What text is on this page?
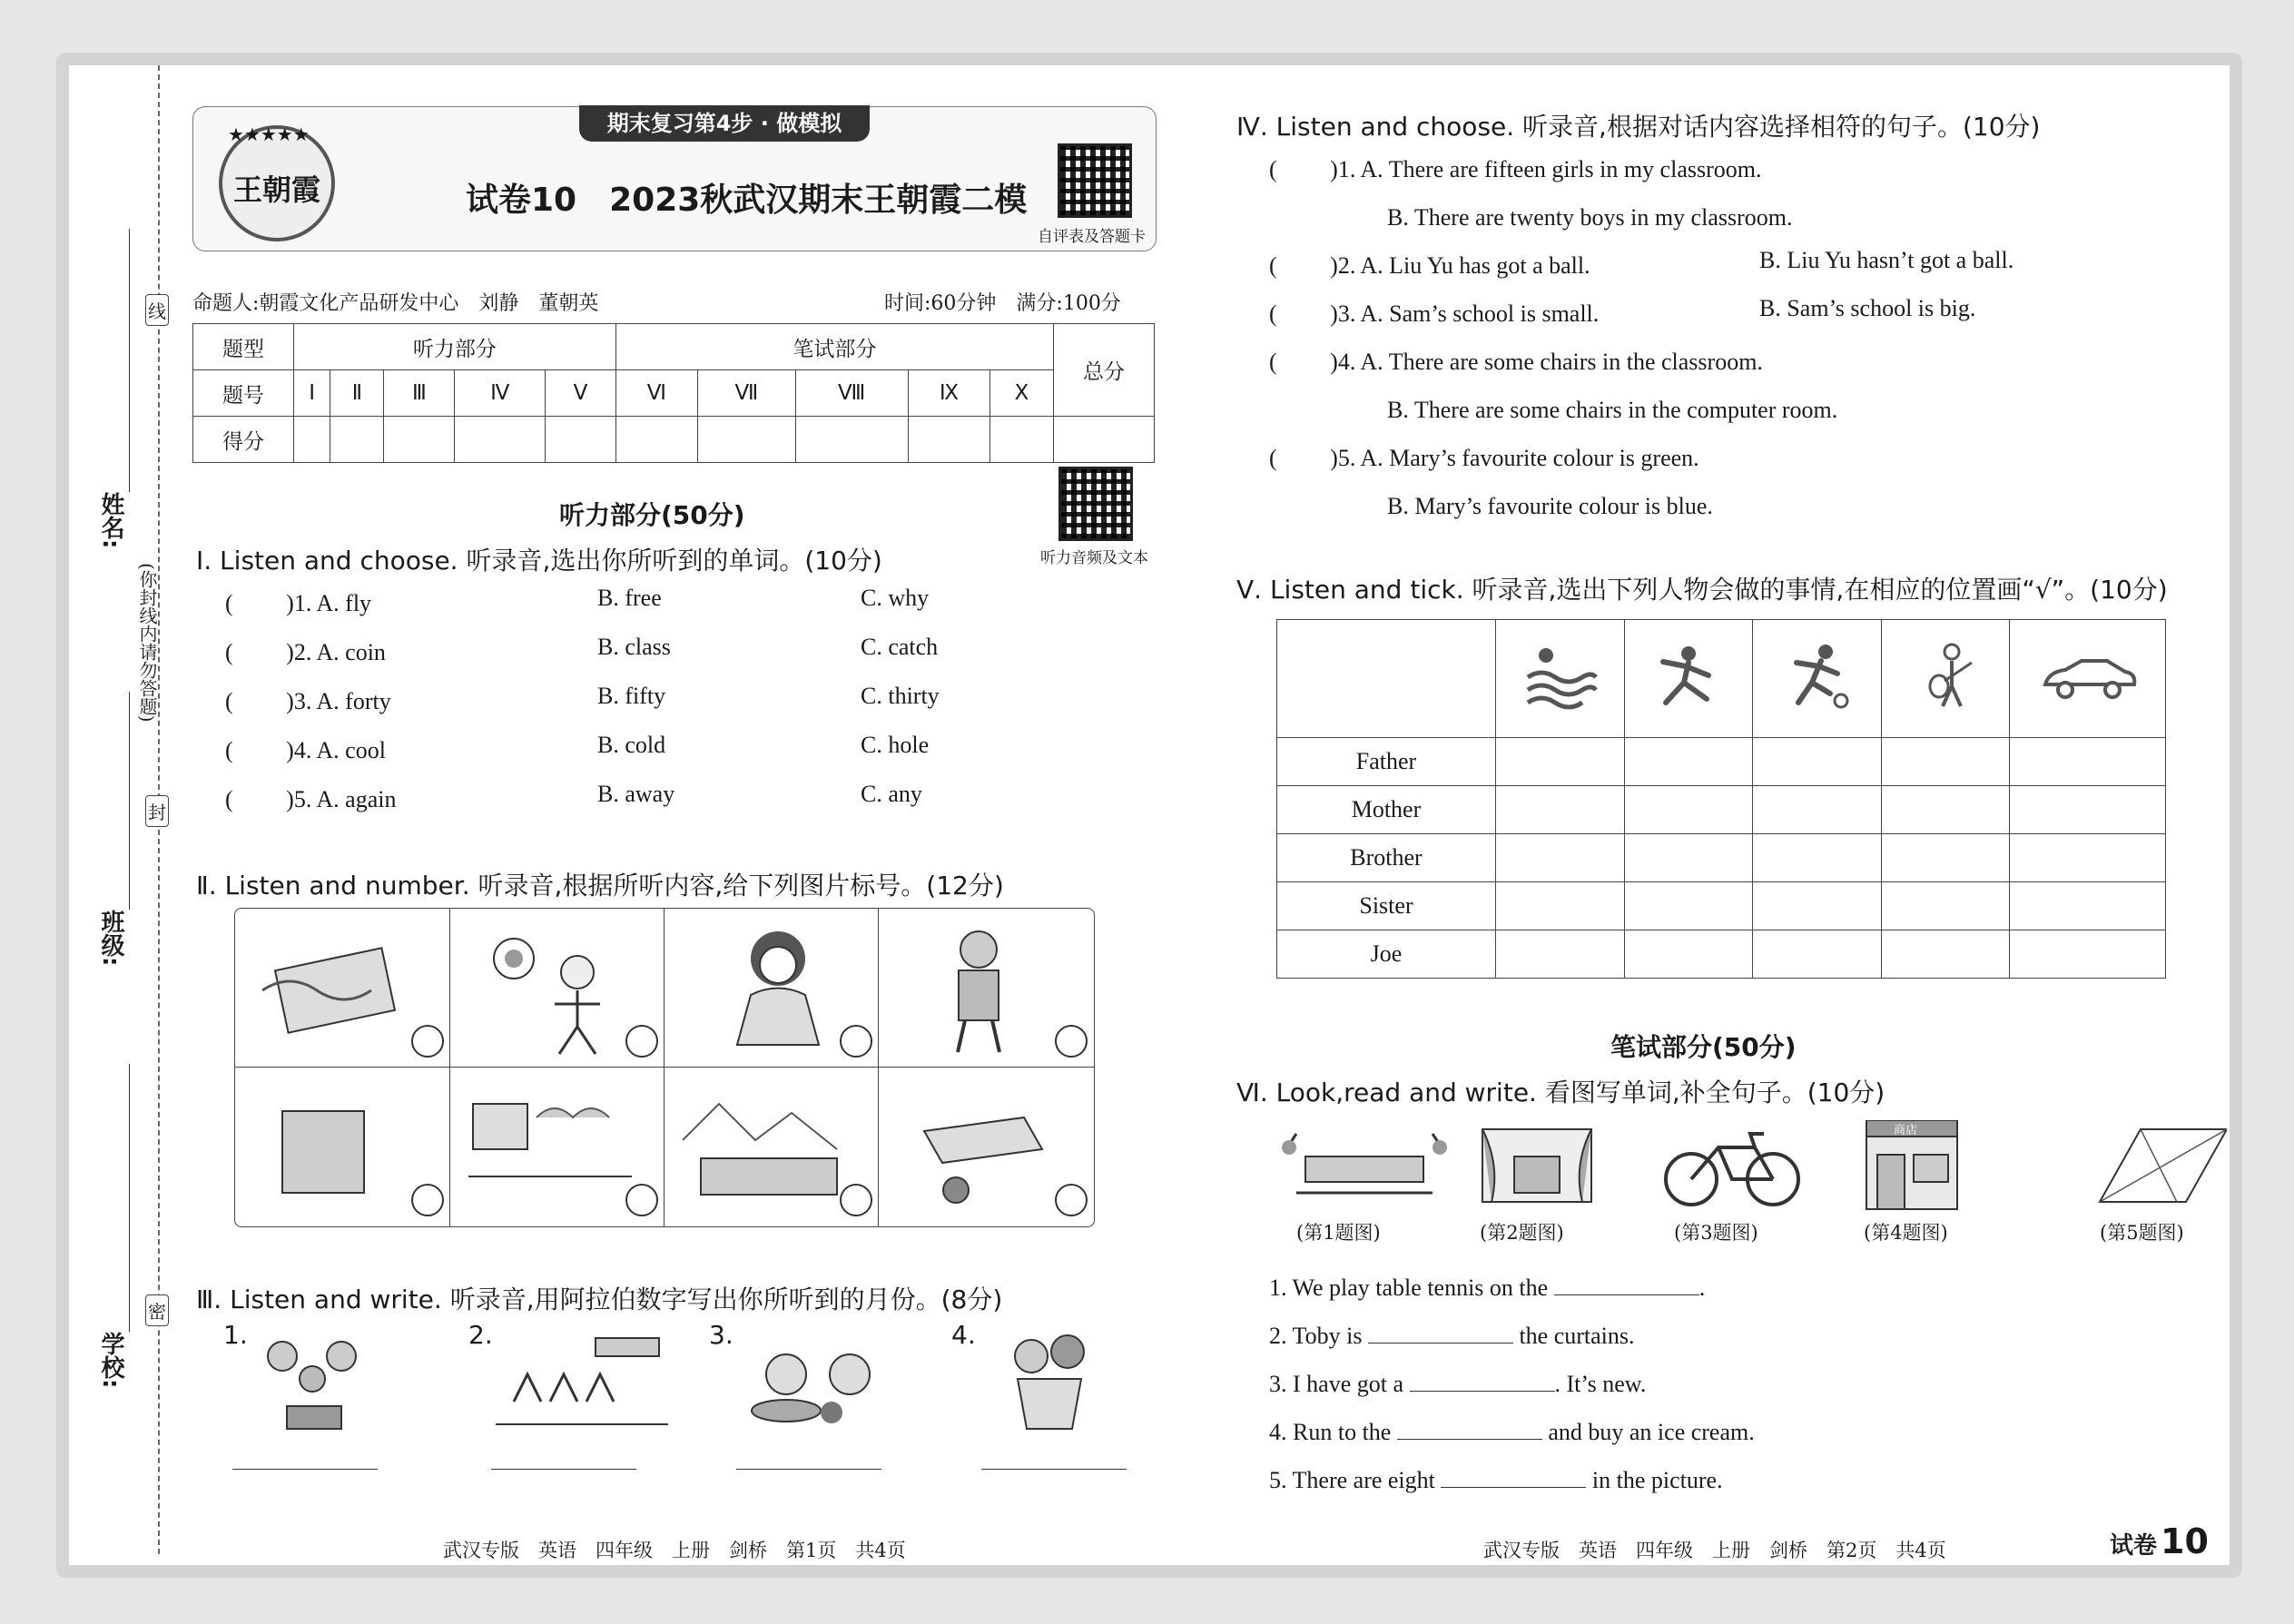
线
封
密
(你封线内请勿答题)
姓名:
班级:
学校:
期末复习第4步 · 做模拟
★★★★★
王朝霞	试卷10　2023秋武汉期末王朝霞二模
自评表及答题卡
命题人:朝霞文化产品研发中心　刘静　董朝英	时间:60分钟　满分:100分
题型	听力部分					笔试部分					总分
题号	Ⅰ	Ⅱ	Ⅲ	Ⅳ	Ⅴ	Ⅵ	Ⅶ	Ⅷ	Ⅸ	Ⅹ	
得分											
听力部分(50分)
听力音频及文本
Ⅰ. Listen and choose. 听录音,选出你所听到的单词。(10分)
( 　　)1. A. fly	B. free	C. why
( 　　)2. A. coin	B. class	C. catch
( 　　)3. A. forty	B. fifty	C. thirty
( 　　)4. A. cool	B. cold	C. hole
( 　　)5. A. again	B. away	C. any
Ⅱ. Listen and number. 听录音,根据所听内容,给下列图片标号。(12分)
Ⅲ. Listen and write. 听录音,用阿拉伯数字写出你所听到的月份。(8分)
1.	2.	3.	4.
武汉专版　英语　四年级　上册　剑桥　第1页　共4页
Ⅳ. Listen and choose. 听录音,根据对话内容选择相符的句子。(10分)
( 　　)1. A. There are fifteen girls in my classroom.
　　　　　B. There are twenty boys in my classroom.
( 　　)2. A. Liu Yu has got a ball.	B. Liu Yu hasn’t got a ball.
( 　　)3. A. Sam’s school is small.	B. Sam’s school is big.
( 　　)4. A. There are some chairs in the classroom.
　　　　　B. There are some chairs in the computer room.
( 　　)5. A. Mary’s favourite colour is green.
　　　　　B. Mary’s favourite colour is blue.
Ⅴ. Listen and tick. 听录音,选出下列人物会做的事情,在相应的位置画“√”。(10分)

Father					
Mother					
Brother					
Sister					
Joe					
笔试部分(50分)
Ⅵ. Look,read and write. 看图写单词,补全句子。(10分)
(第1题图)	(第2题图)	(第3题图)
商店
(第4题图)	(第5题图)
1. We play table tennis on the	.
2. Toby is	the curtains.
3. I have got a	. It’s new.
4. Run to the	and buy an ice cream.
5. There are eight	in the picture.
武汉专版　英语　四年级　上册　剑桥　第2页　共4页	试卷 10
